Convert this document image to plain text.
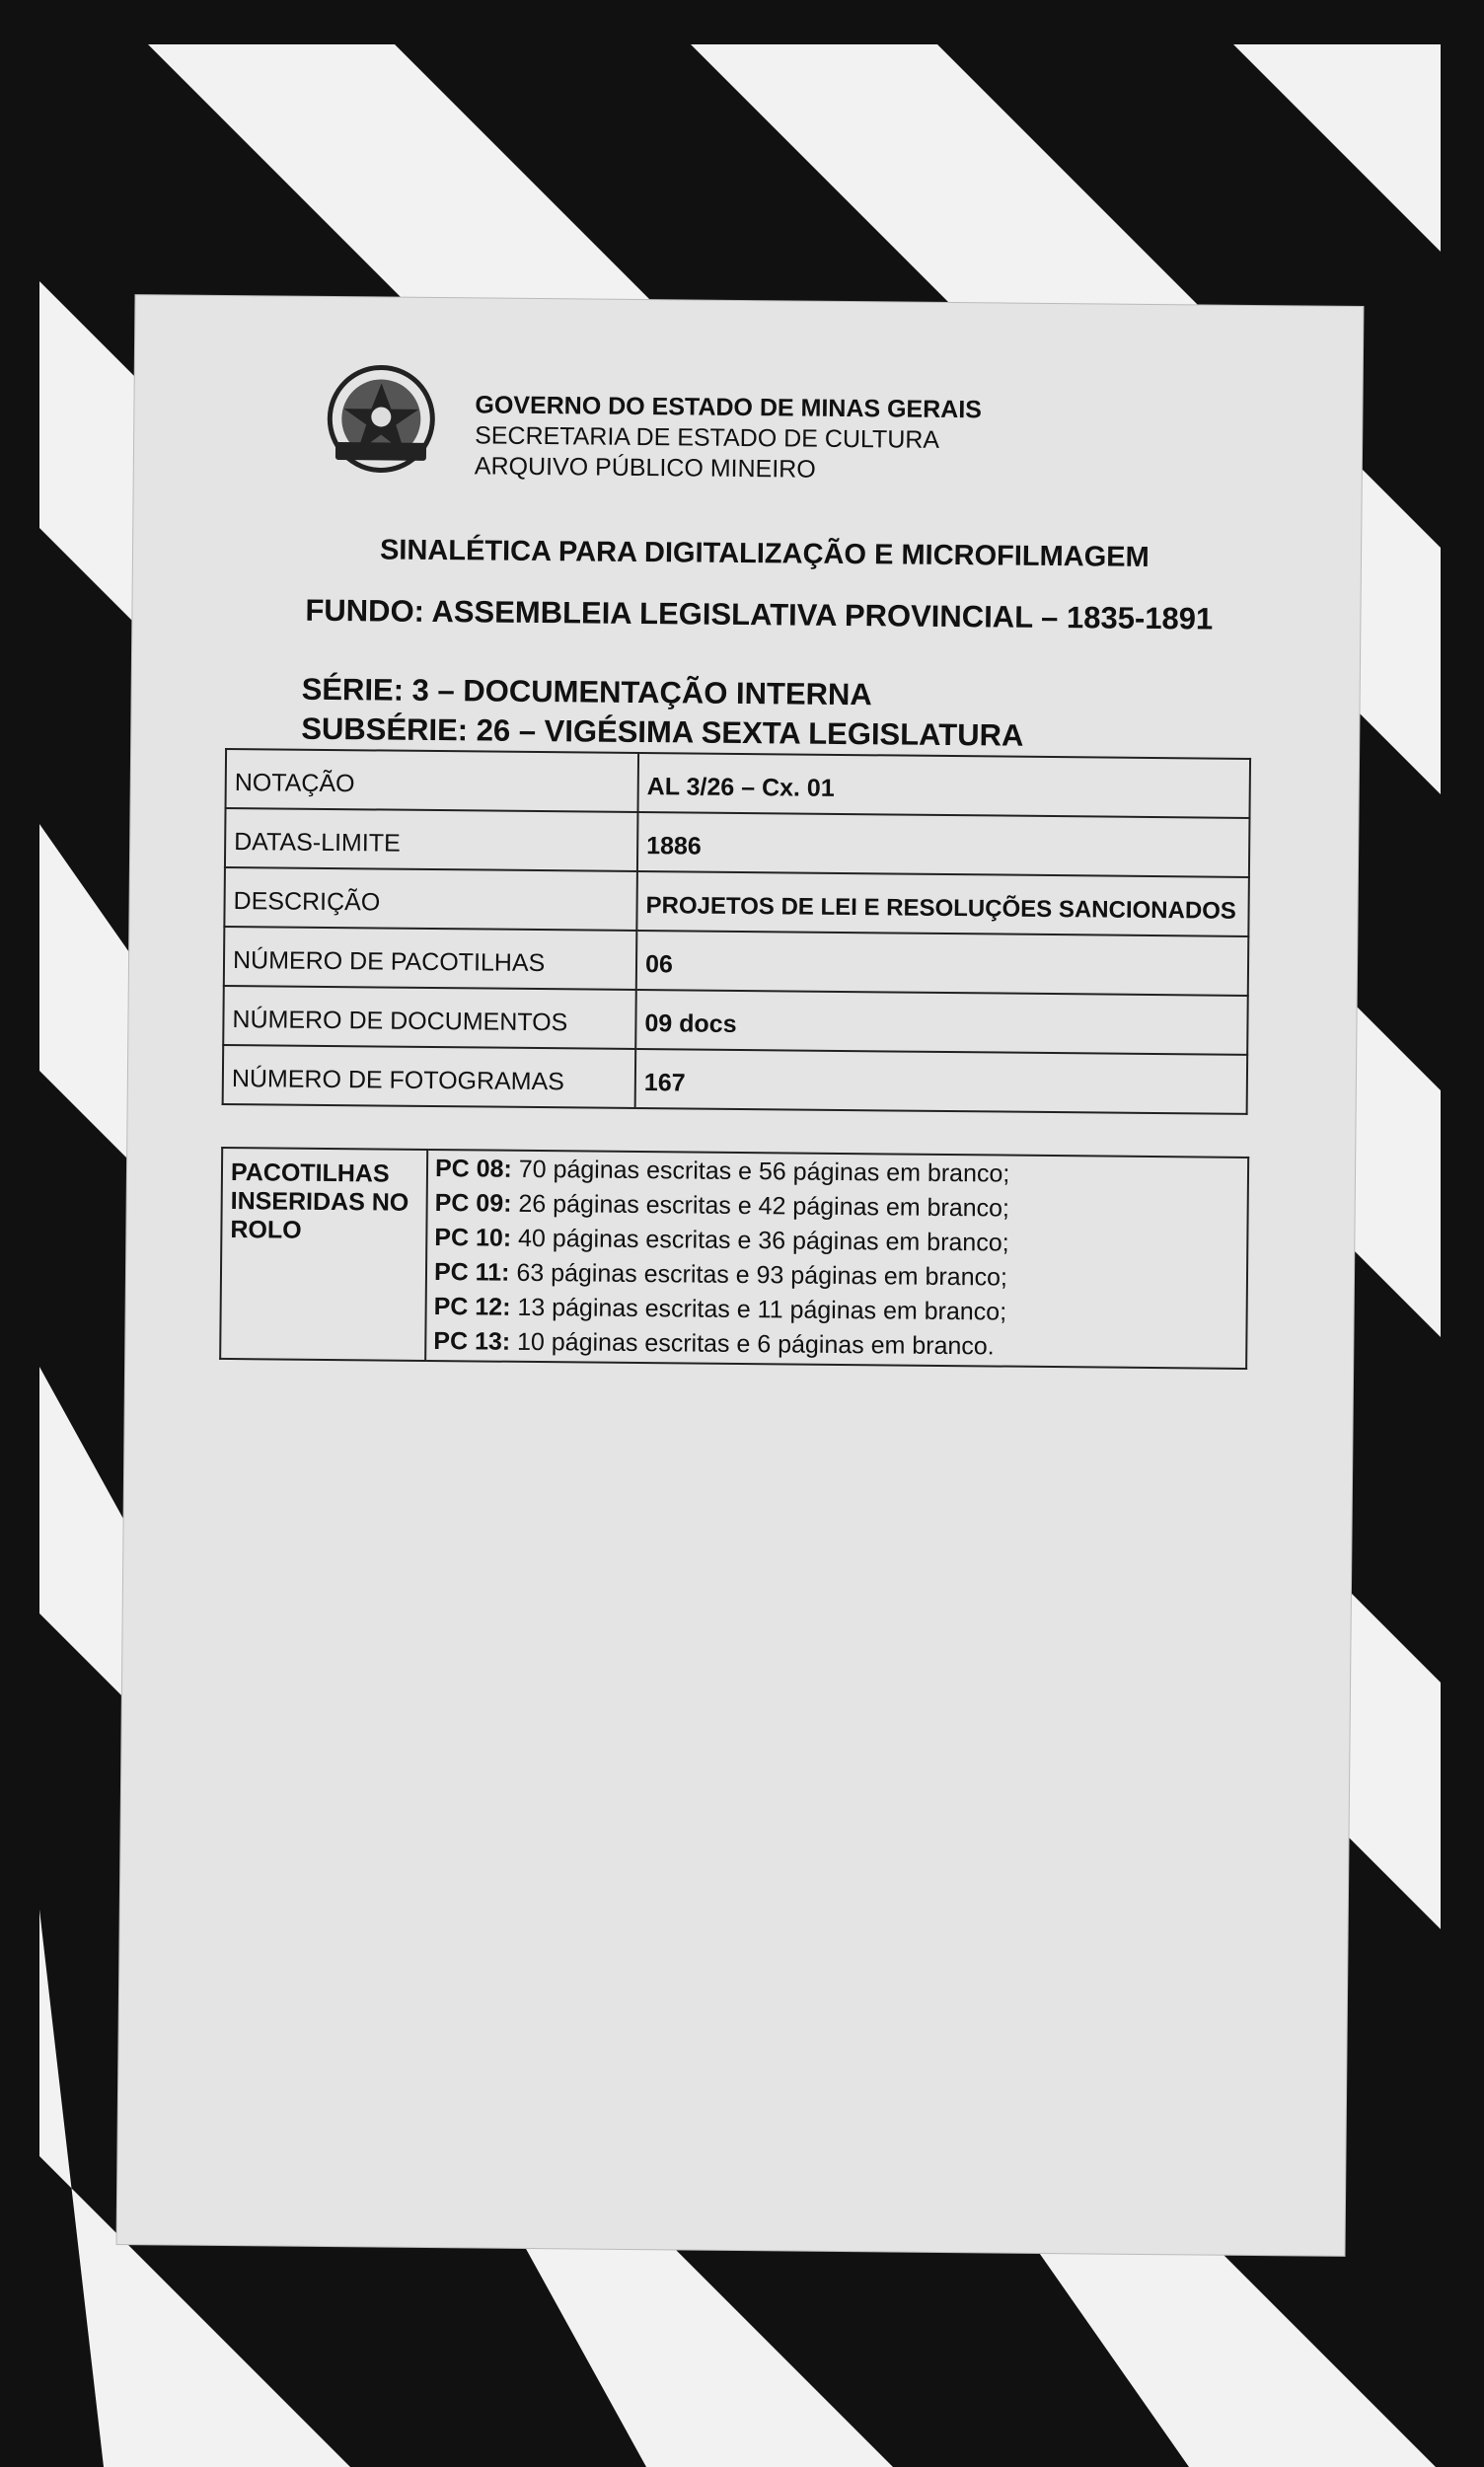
GOVERNO DO ESTADO DE MINAS GERAIS
SECRETARIA DE ESTADO DE CULTURA
ARQUIVO PÚBLICO MINEIRO
SINALÉTICA PARA DIGITALIZAÇÃO E MICROFILMAGEM
FUNDO: ASSEMBLEIA LEGISLATIVA PROVINCIAL – 1835-1891
SÉRIE: 3 – DOCUMENTAÇÃO INTERNA
SUBSÉRIE: 26 – VIGÉSIMA SEXTA LEGISLATURA
NOTAÇÃO	AL 3/26 – Cx. 01
DATAS-LIMITE	1886
DESCRIÇÃO	PROJETOS DE LEI E RESOLUÇÕES SANCIONADOS
NÚMERO DE PACOTILHAS	06
NÚMERO DE DOCUMENTOS	09 docs
NÚMERO DE FOTOGRAMAS	167
PACOTILHAS INSERIDAS NO ROLO	
PC 08: 70 páginas escritas e 56 páginas em branco;
PC 09: 26 páginas escritas e 42 páginas em branco;
PC 10: 40 páginas escritas e 36 páginas em branco;
PC 11: 63 páginas escritas e 93 páginas em branco;
PC 12: 13 páginas escritas e 11 páginas em branco;
PC 13: 10 páginas escritas e 6 páginas em branco.
